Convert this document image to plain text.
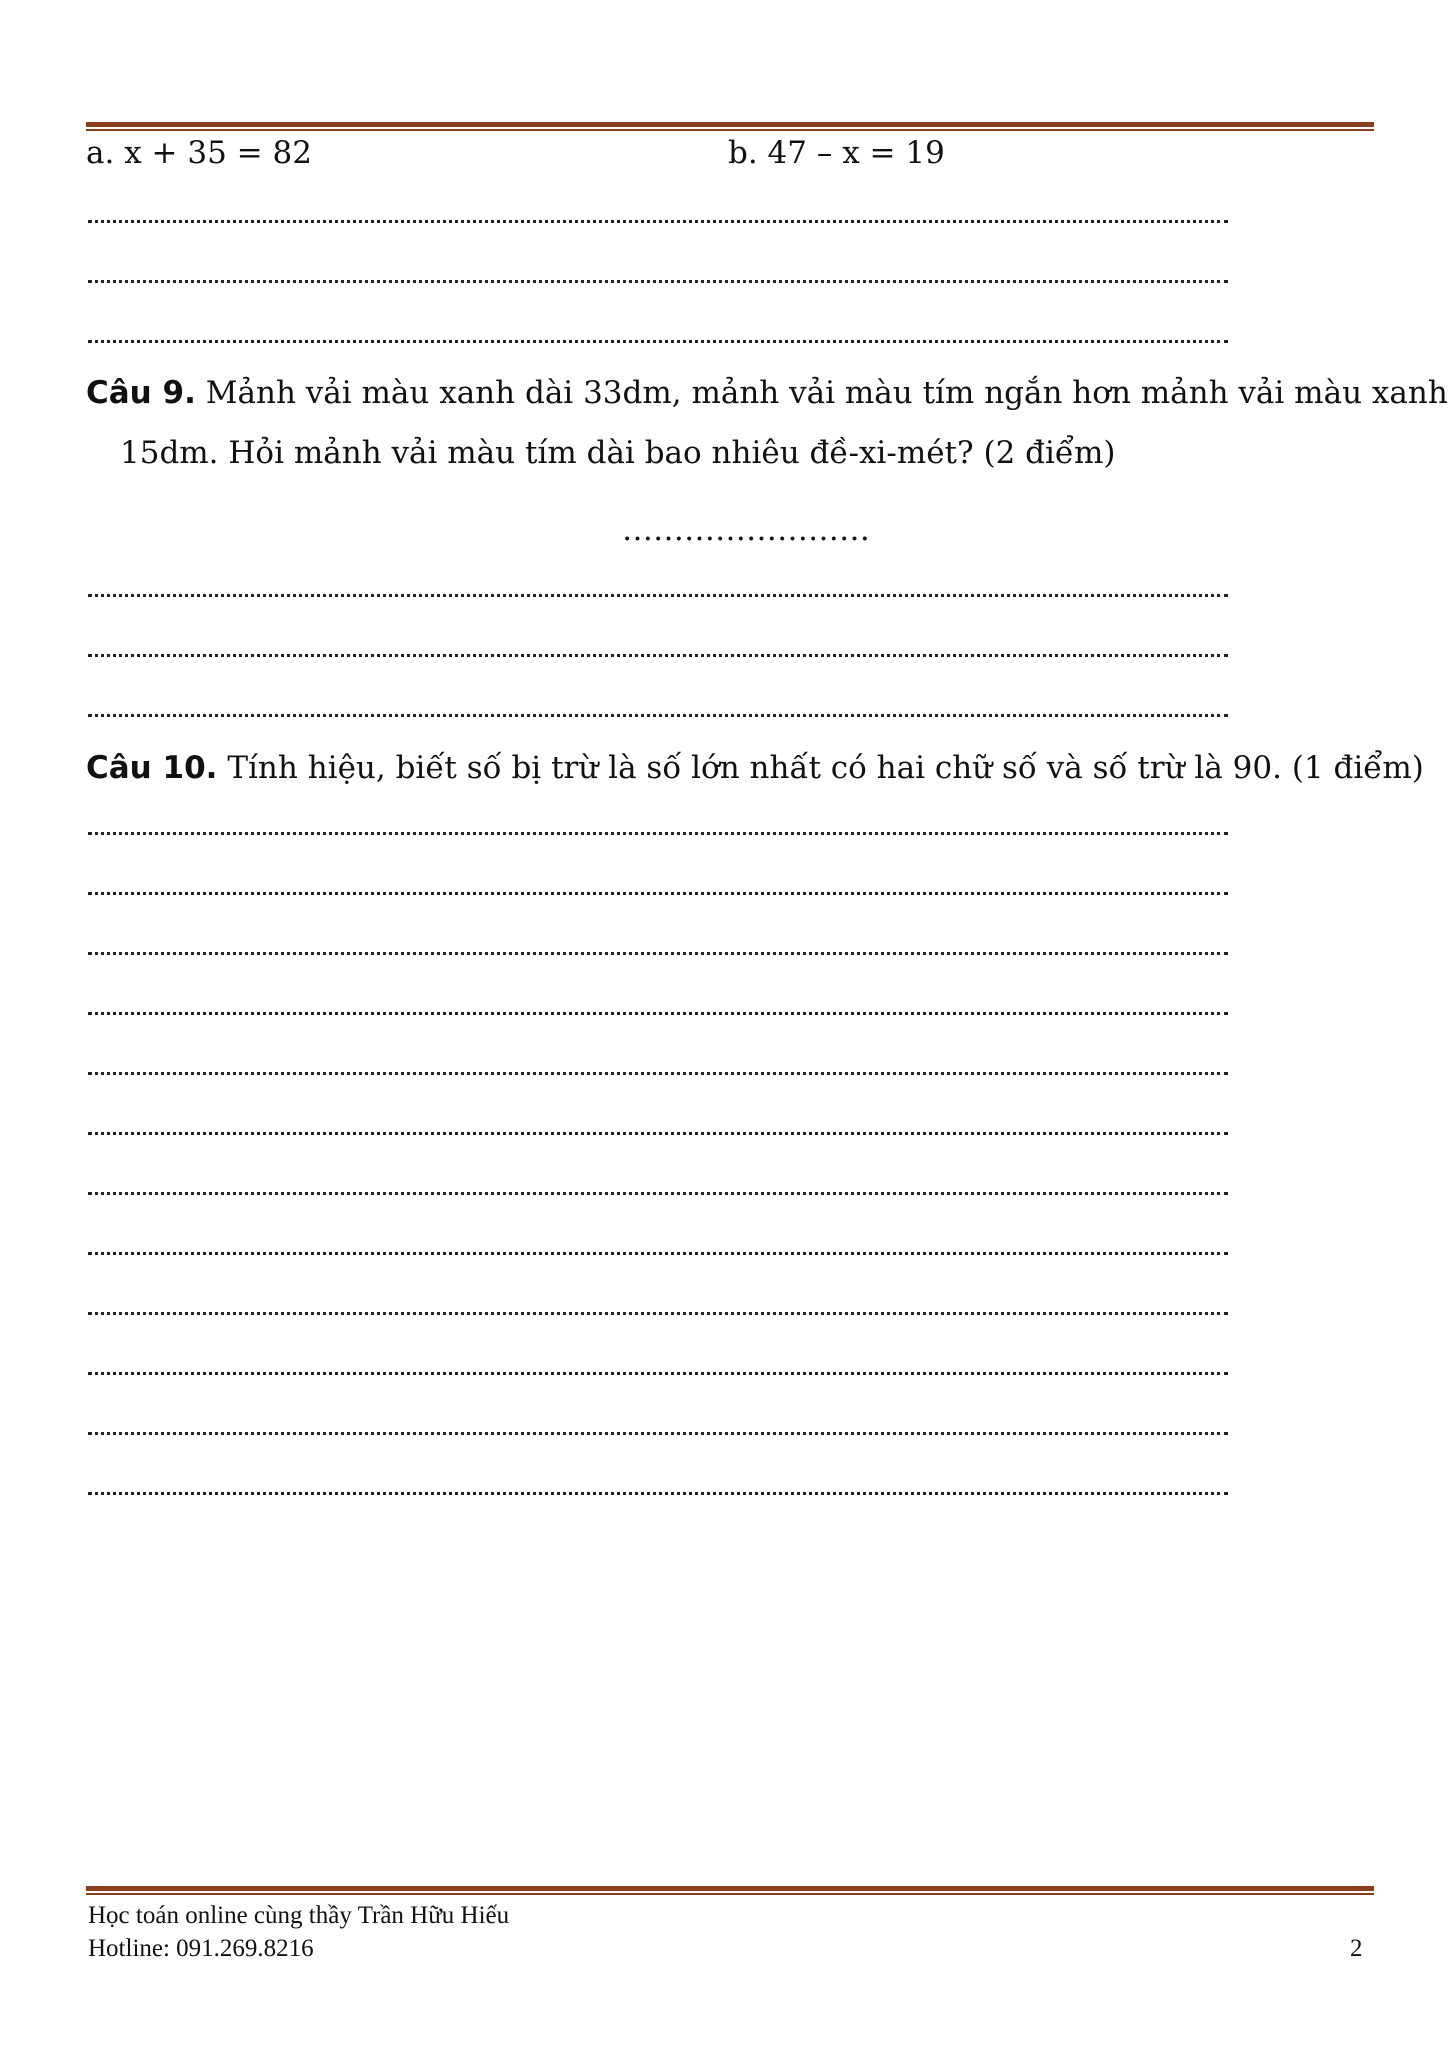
a. x + 35 = 82	b. 47 – x = 19
Câu 9. Mảnh vải màu xanh dài 33dm, mảnh vải màu tím ngắn hơn mảnh vải màu xanh
15dm. Hỏi mảnh vải màu tím dài bao nhiêu đề-xi-mét? (2 điểm)
……………………
Câu 10. Tính hiệu, biết số bị trừ là số lớn nhất có hai chữ số và số trừ là 90. (1 điểm)
Học toán online cùng thầy Trần Hữu Hiếu
Hotline: 091.269.8216	2
